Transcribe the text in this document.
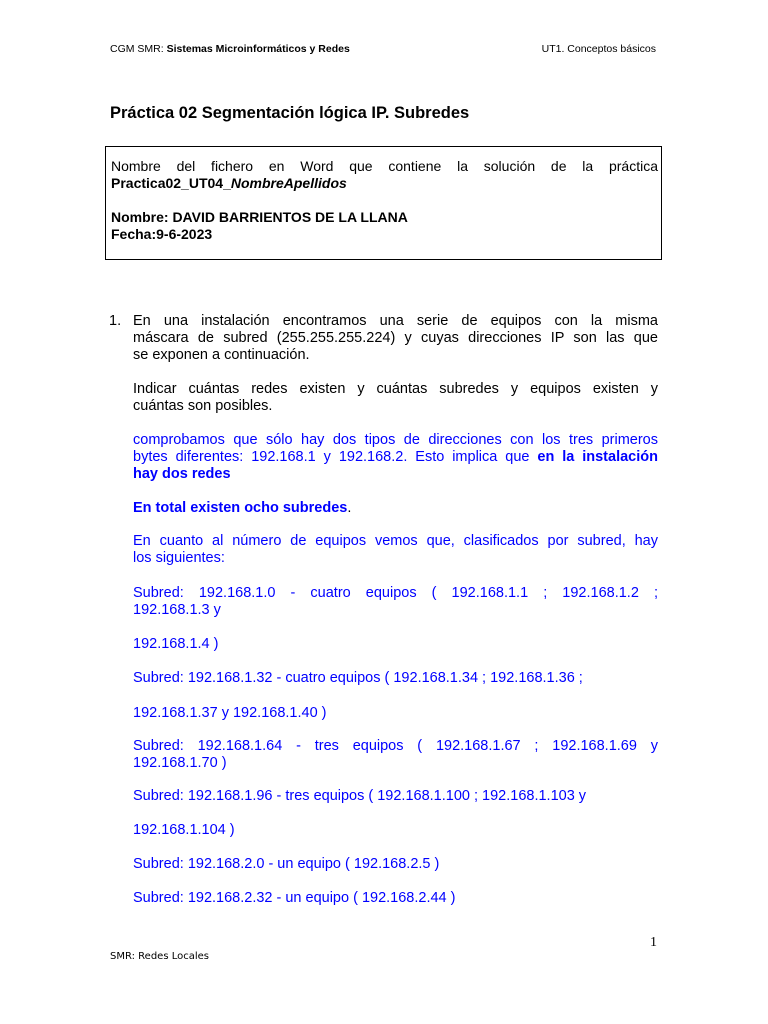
CGM SMR: Sistemas Microinformáticos y Redes	UT1. Conceptos básicos
Práctica 02 Segmentación lógica IP. Subredes
Nombre del fichero en Word que contiene la solución de la práctica
Practica02_UT04_NombreApellidos
Nombre: DAVID BARRIENTOS DE LA LLANA
Fecha:9-6-2023
1. En una instalación encontramos una serie de equipos con la misma
máscara de subred (255.255.255.224) y cuyas direcciones IP son las que
se exponen a continuación.
Indicar cuántas redes existen y cuántas subredes y equipos existen y
cuántas son posibles.
comprobamos que sólo hay dos tipos de direcciones con los tres primeros
bytes diferentes: 192.168.1 y 192.168.2. Esto implica que en la instalación
hay dos redes
En total existen ocho subredes.
En cuanto al número de equipos vemos que, clasificados por subred, hay
los siguientes:
Subred: 192.168.1.0 - cuatro equipos ( 192.168.1.1 ; 192.168.1.2 ;
192.168.1.3 y
192.168.1.4 )
Subred: 192.168.1.32 - cuatro equipos ( 192.168.1.34 ; 192.168.1.36 ;
192.168.1.37 y 192.168.1.40 )
Subred: 192.168.1.64 - tres equipos ( 192.168.1.67 ; 192.168.1.69 y
192.168.1.70 )
Subred: 192.168.1.96 - tres equipos ( 192.168.1.100 ; 192.168.1.103 y
192.168.1.104 )
Subred: 192.168.2.0 - un equipo ( 192.168.2.5 )
Subred: 192.168.2.32 - un equipo ( 192.168.2.44 )
1
SMR: Redes Locales
